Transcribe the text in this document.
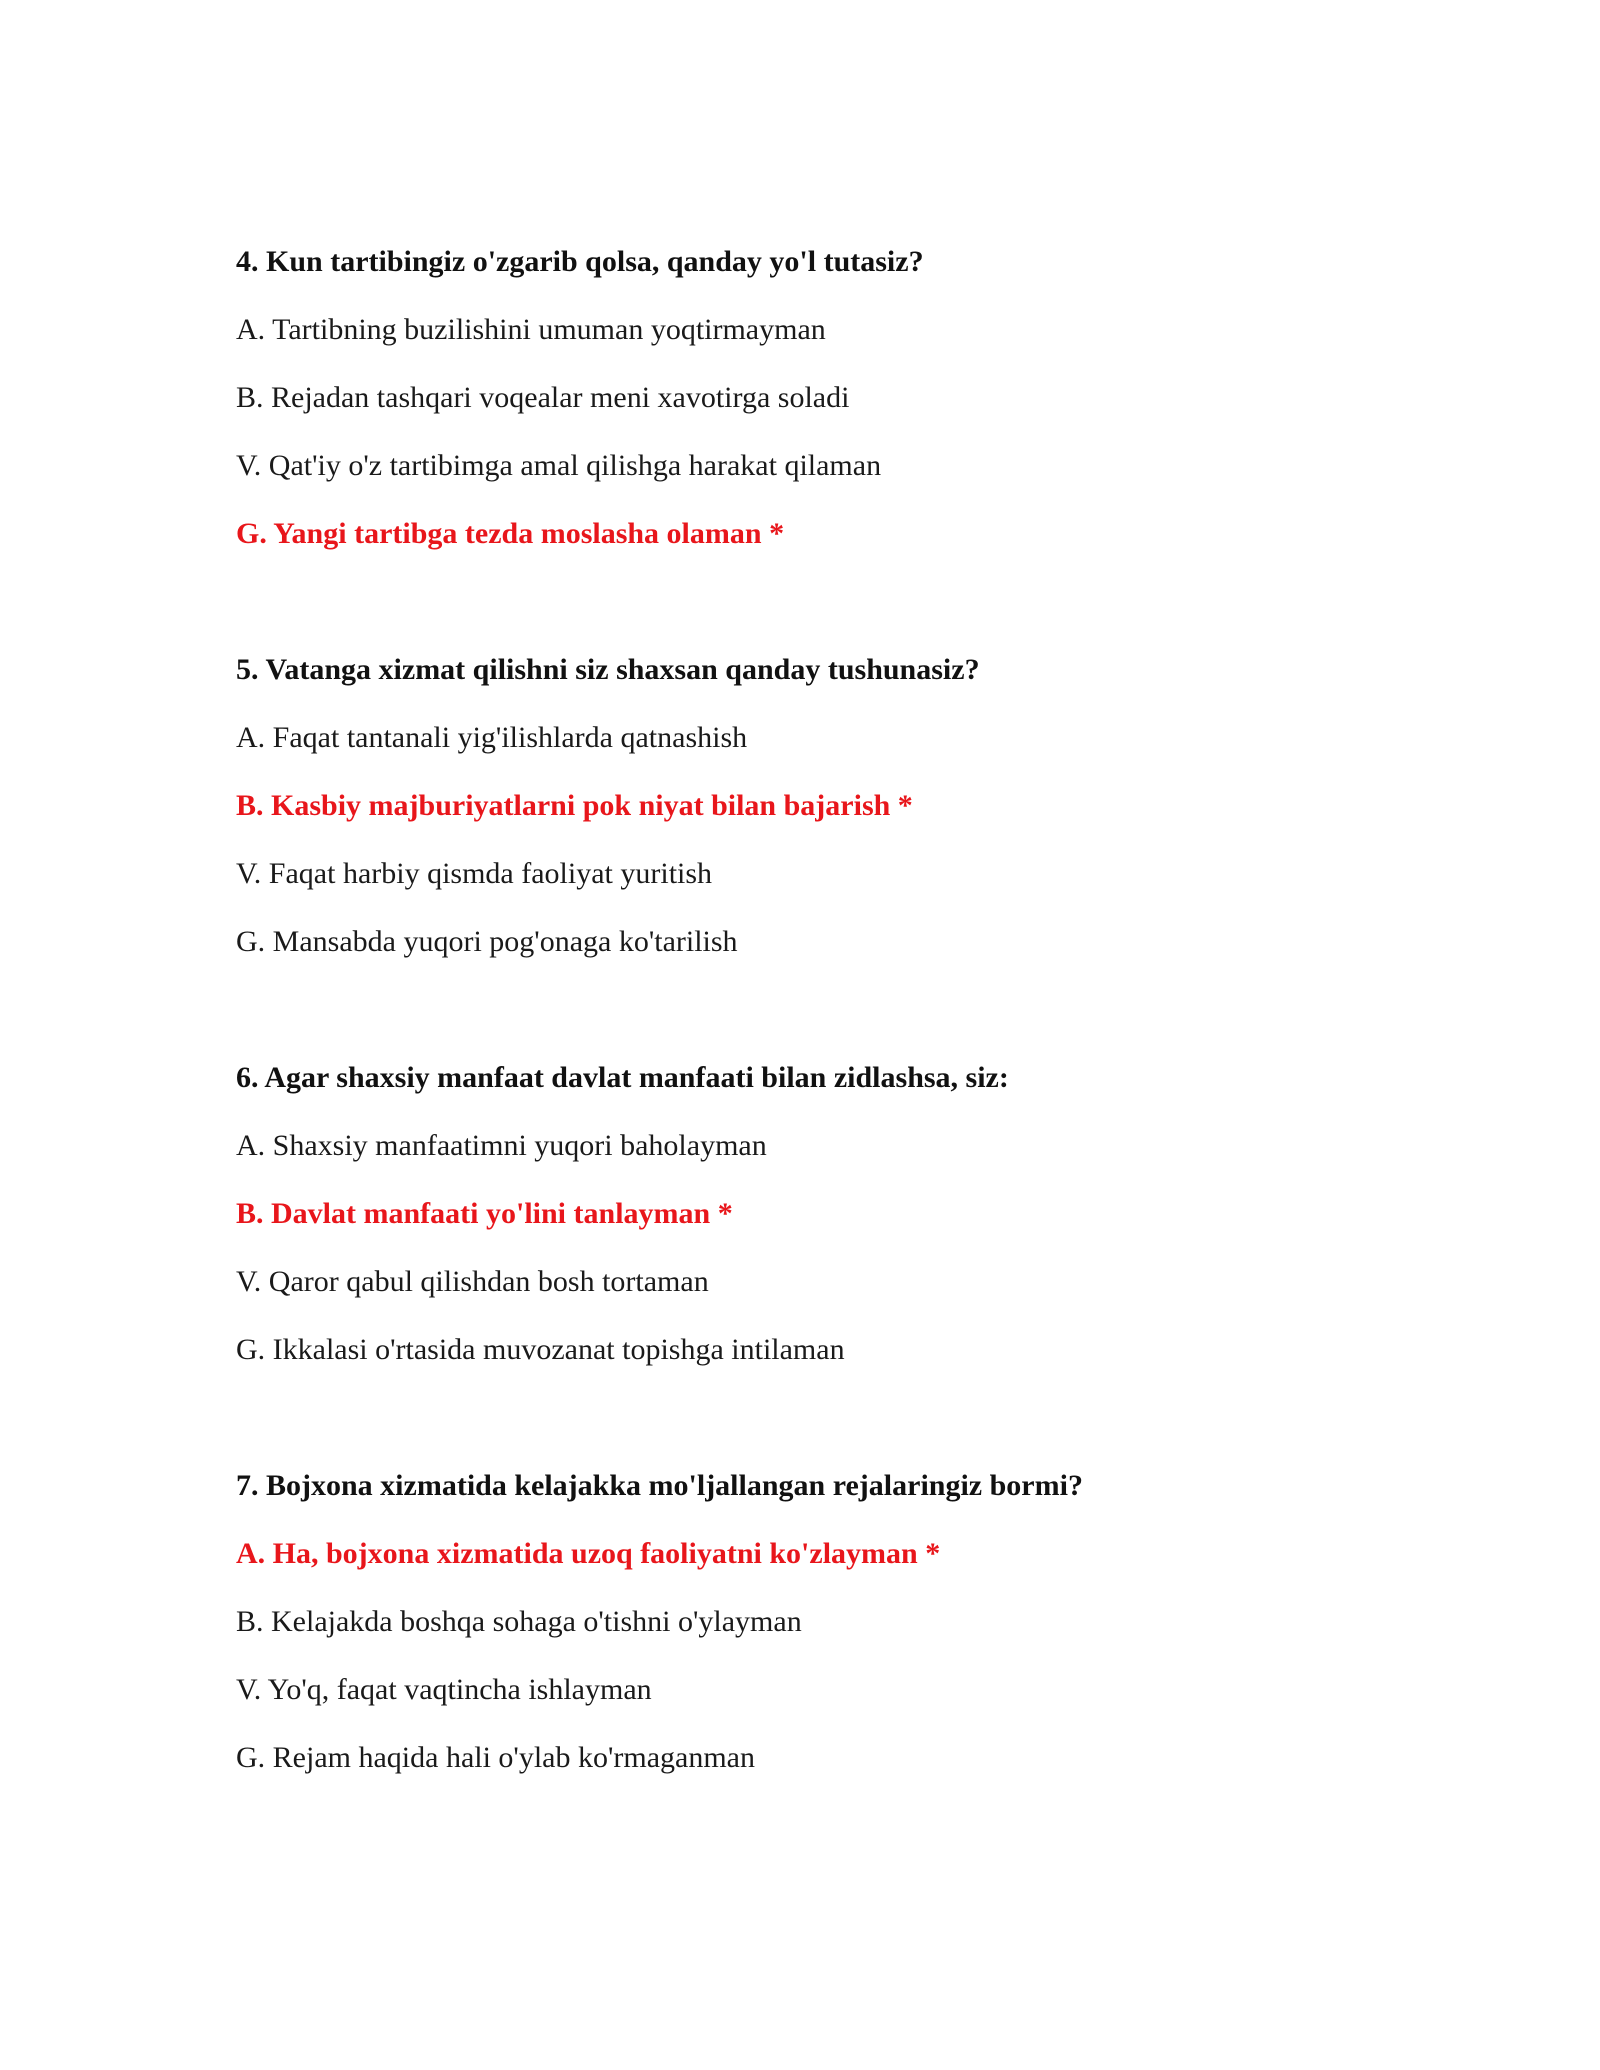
4. Kun tartibingiz o'zgarib qolsa, qanday yo'l tutasiz?

A. Tartibning buzilishini umuman yoqtirmayman

B. Rejadan tashqari voqealar meni xavotirga soladi

V. Qat'iy o'z tartibimga amal qilishga harakat qilaman

G. Yangi tartibga tezda moslasha olaman *

5. Vatanga xizmat qilishni siz shaxsan qanday tushunasiz?

A. Faqat tantanali yig'ilishlarda qatnashish

B. Kasbiy majburiyatlarni pok niyat bilan bajarish *

V. Faqat harbiy qismda faoliyat yuritish

G. Mansabda yuqori pog'onaga ko'tarilish

6. Agar shaxsiy manfaat davlat manfaati bilan zidlashsa, siz:

A. Shaxsiy manfaatimni yuqori baholayman

B. Davlat manfaati yo'lini tanlayman *

V. Qaror qabul qilishdan bosh tortaman

G. Ikkalasi o'rtasida muvozanat topishga intilaman

7. Bojxona xizmatida kelajakka mo'ljallangan rejalaringiz bormi?

A. Ha, bojxona xizmatida uzoq faoliyatni ko'zlayman *

B. Kelajakda boshqa sohaga o'tishni o'ylayman

V. Yo'q, faqat vaqtincha ishlayman

G. Rejam haqida hali o'ylab ko'rmaganman
